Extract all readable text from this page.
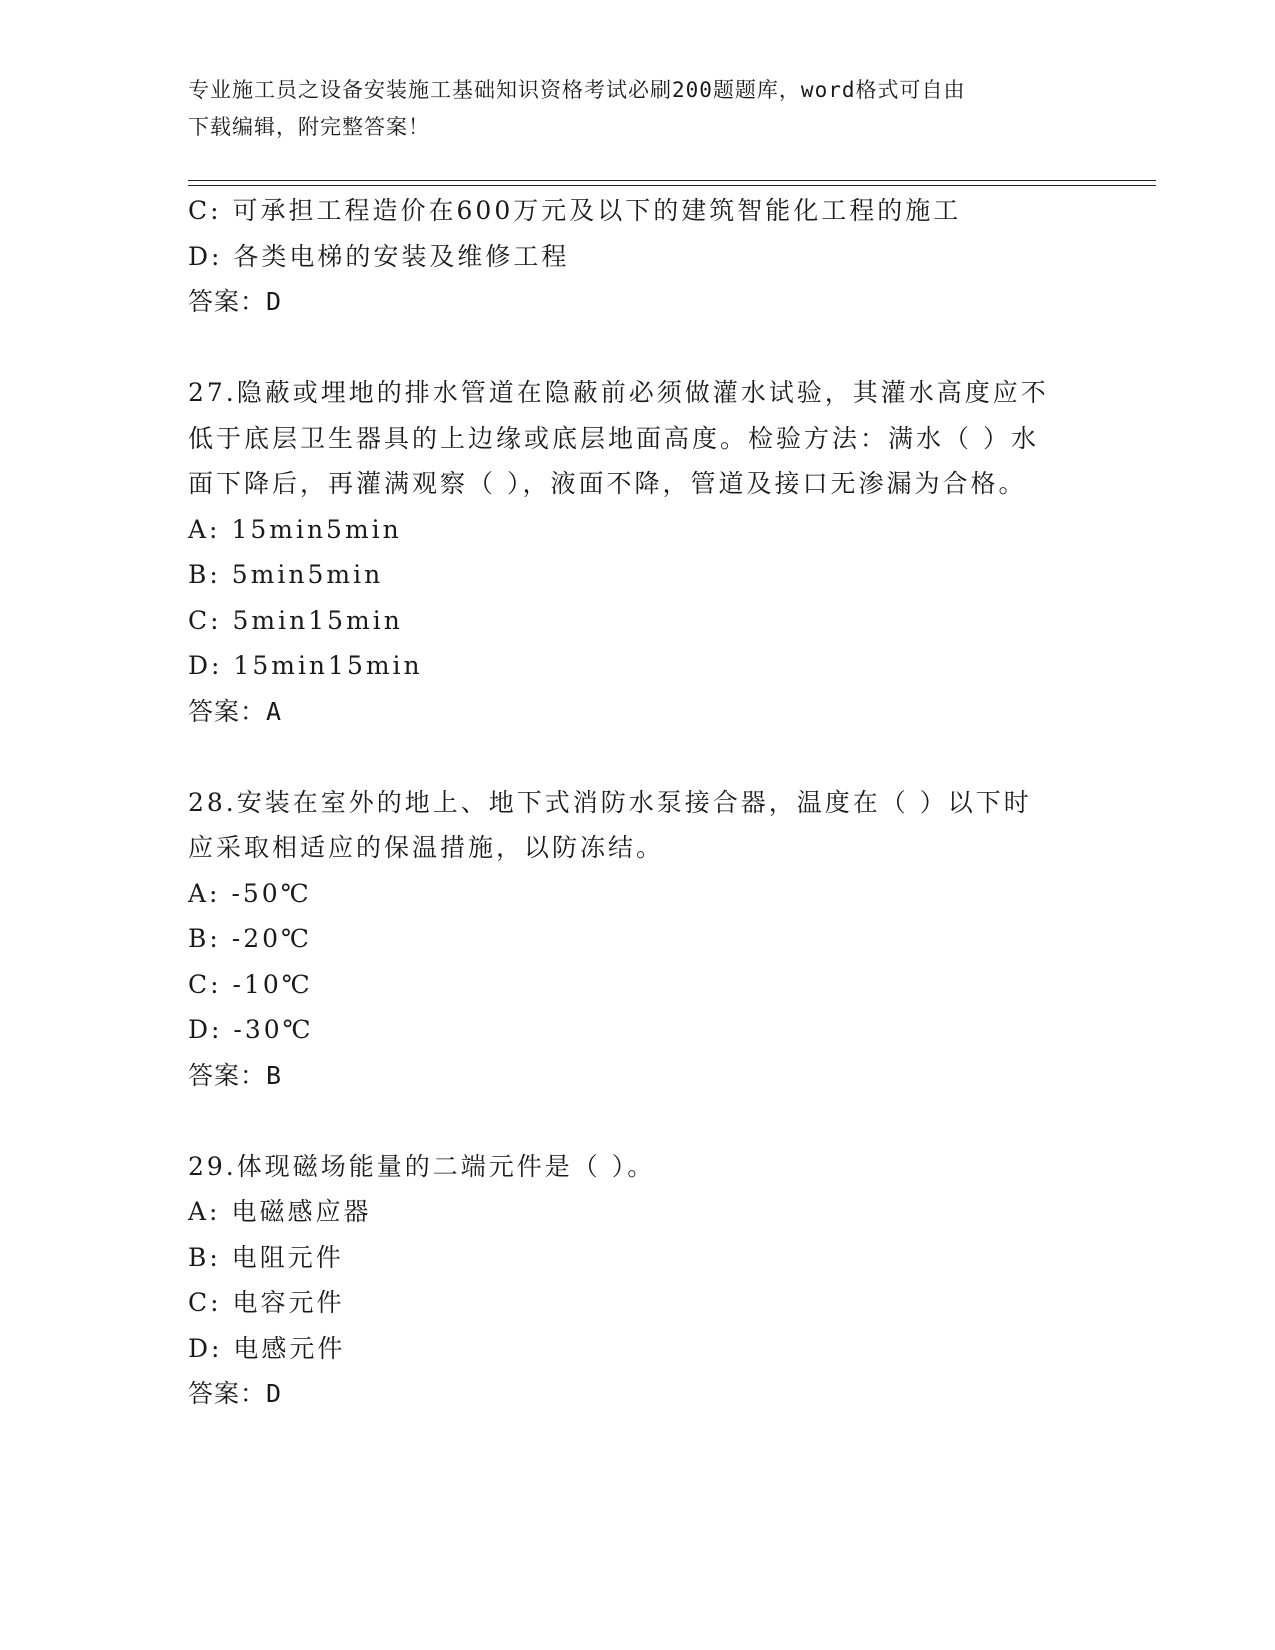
专业施工员之设备安装施工基础知识资格考试必刷200题题库，word格式可自由
下载编辑，附完整答案！
C: 可承担工程造价在600万元及以下的建筑智能化工程的施工
D: 各类电梯的安装及维修工程
答案：D
27.隐蔽或埋地的排水管道在隐蔽前必须做灌水试验，其灌水高度应不
低于底层卫生器具的上边缘或底层地面高度。检验方法：满水（ ）水
面下降后，再灌满观察（ ），液面不降，管道及接口无渗漏为合格。
A: 15min5min
B: 5min5min
C: 5min15min
D: 15min15min
答案：A
28.安装在室外的地上、地下式消防水泵接合器，温度在（ ）以下时
应采取相适应的保温措施，以防冻结。
A: -50℃
B: -20℃
C: -10℃
D: -30℃
答案：B
29.体现磁场能量的二端元件是（ ）。
A: 电磁感应器
B: 电阻元件
C: 电容元件
D: 电感元件
答案：D
